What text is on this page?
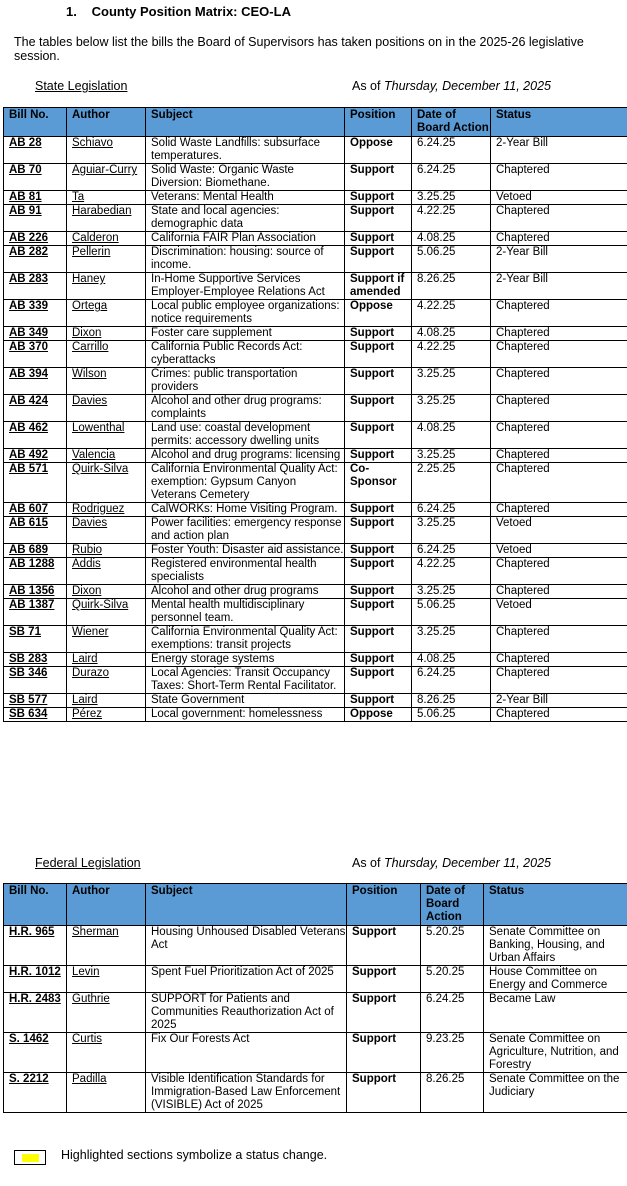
1. County Position Matrix: CEO-LA
The tables below list the bills the Board of Supervisors has taken positions on in the 2025-26 legislative session.
State Legislation	As of Thursday, December 11, 2025
Bill No.	Author	Subject	Position	Date of Board Action	Status
AB 28	Schiavo	Solid Waste Landfills: subsurface temperatures.	Oppose	6.24.25	2-Year Bill
AB 70	Aguiar-Curry	Solid Waste: Organic Waste Diversion: Biomethane.	Support	6.24.25	Chaptered
AB 81	Ta	Veterans: Mental Health	Support	3.25.25	Vetoed
AB 91	Harabedian	State and local agencies: demographic data	Support	4.22.25	Chaptered
AB 226	Calderon	California FAIR Plan Association	Support	4.08.25	Chaptered
AB 282	Pellerin	Discrimination: housing: source of income.	Support	5.06.25	2-Year Bill
AB 283	Haney	In-Home Supportive Services Employer-Employee Relations Act	Support if amended	8.26.25	2-Year Bill
AB 339	Ortega	Local public employee organizations: notice requirements	Oppose	4.22.25	Chaptered
AB 349	Dixon	Foster care supplement	Support	4.08.25	Chaptered
AB 370	Carrillo	California Public Records Act: cyberattacks	Support	4.22.25	Chaptered
AB 394	Wilson	Crimes: public transportation providers	Support	3.25.25	Chaptered
AB 424	Davies	Alcohol and other drug programs: complaints	Support	3.25.25	Chaptered
AB 462	Lowenthal	Land use: coastal development permits: accessory dwelling units	Support	4.08.25	Chaptered
AB 492	Valencia	Alcohol and drug programs: licensing	Support	3.25.25	Chaptered
AB 571	Quirk-Silva	California Environmental Quality Act: exemption: Gypsum Canyon Veterans Cemetery	Co-Sponsor	2.25.25	Chaptered
AB 607	Rodriguez	CalWORKs: Home Visiting Program.	Support	6.24.25	Chaptered
AB 615	Davies	Power facilities: emergency response and action plan	Support	3.25.25	Vetoed
AB 689	Rubio	Foster Youth: Disaster aid assistance.	Support	6.24.25	Vetoed
AB 1288	Addis	Registered environmental health specialists	Support	4.22.25	Chaptered
AB 1356	Dixon	Alcohol and other drug programs	Support	3.25.25	Chaptered
AB 1387	Quirk-Silva	Mental health multidisciplinary personnel team.	Support	5.06.25	Vetoed
SB 71	Wiener	California Environmental Quality Act: exemptions: transit projects	Support	3.25.25	Chaptered
SB 283	Laird	Energy storage systems	Support	4.08.25	Chaptered
SB 346	Durazo	Local Agencies: Transit Occupancy Taxes: Short-Term Rental Facilitator.	Support	6.24.25	Chaptered
SB 577	Laird	State Government	Support	8.26.25	2-Year Bill
SB 634	Pérez	Local government: homelessness	Oppose	5.06.25	Chaptered
Federal Legislation	As of Thursday, December 11, 2025
Bill No.	Author	Subject	Position	Date of Board Action	Status
H.R. 965	Sherman	Housing Unhoused Disabled Veterans Act	Support	5.20.25	Senate Committee on Banking, Housing, and Urban Affairs
H.R. 1012	Levin	Spent Fuel Prioritization Act of 2025	Support	5.20.25	House Committee on Energy and Commerce
H.R. 2483	Guthrie	SUPPORT for Patients and Communities Reauthorization Act of 2025	Support	6.24.25	Became Law
S. 1462	Curtis	Fix Our Forests Act	Support	9.23.25	Senate Committee on Agriculture, Nutrition, and Forestry
S. 2212	Padilla	Visible Identification Standards for Immigration-Based Law Enforcement (VISIBLE) Act of 2025	Support	8.26.25	Senate Committee on the Judiciary
Highlighted sections symbolize a status change.
